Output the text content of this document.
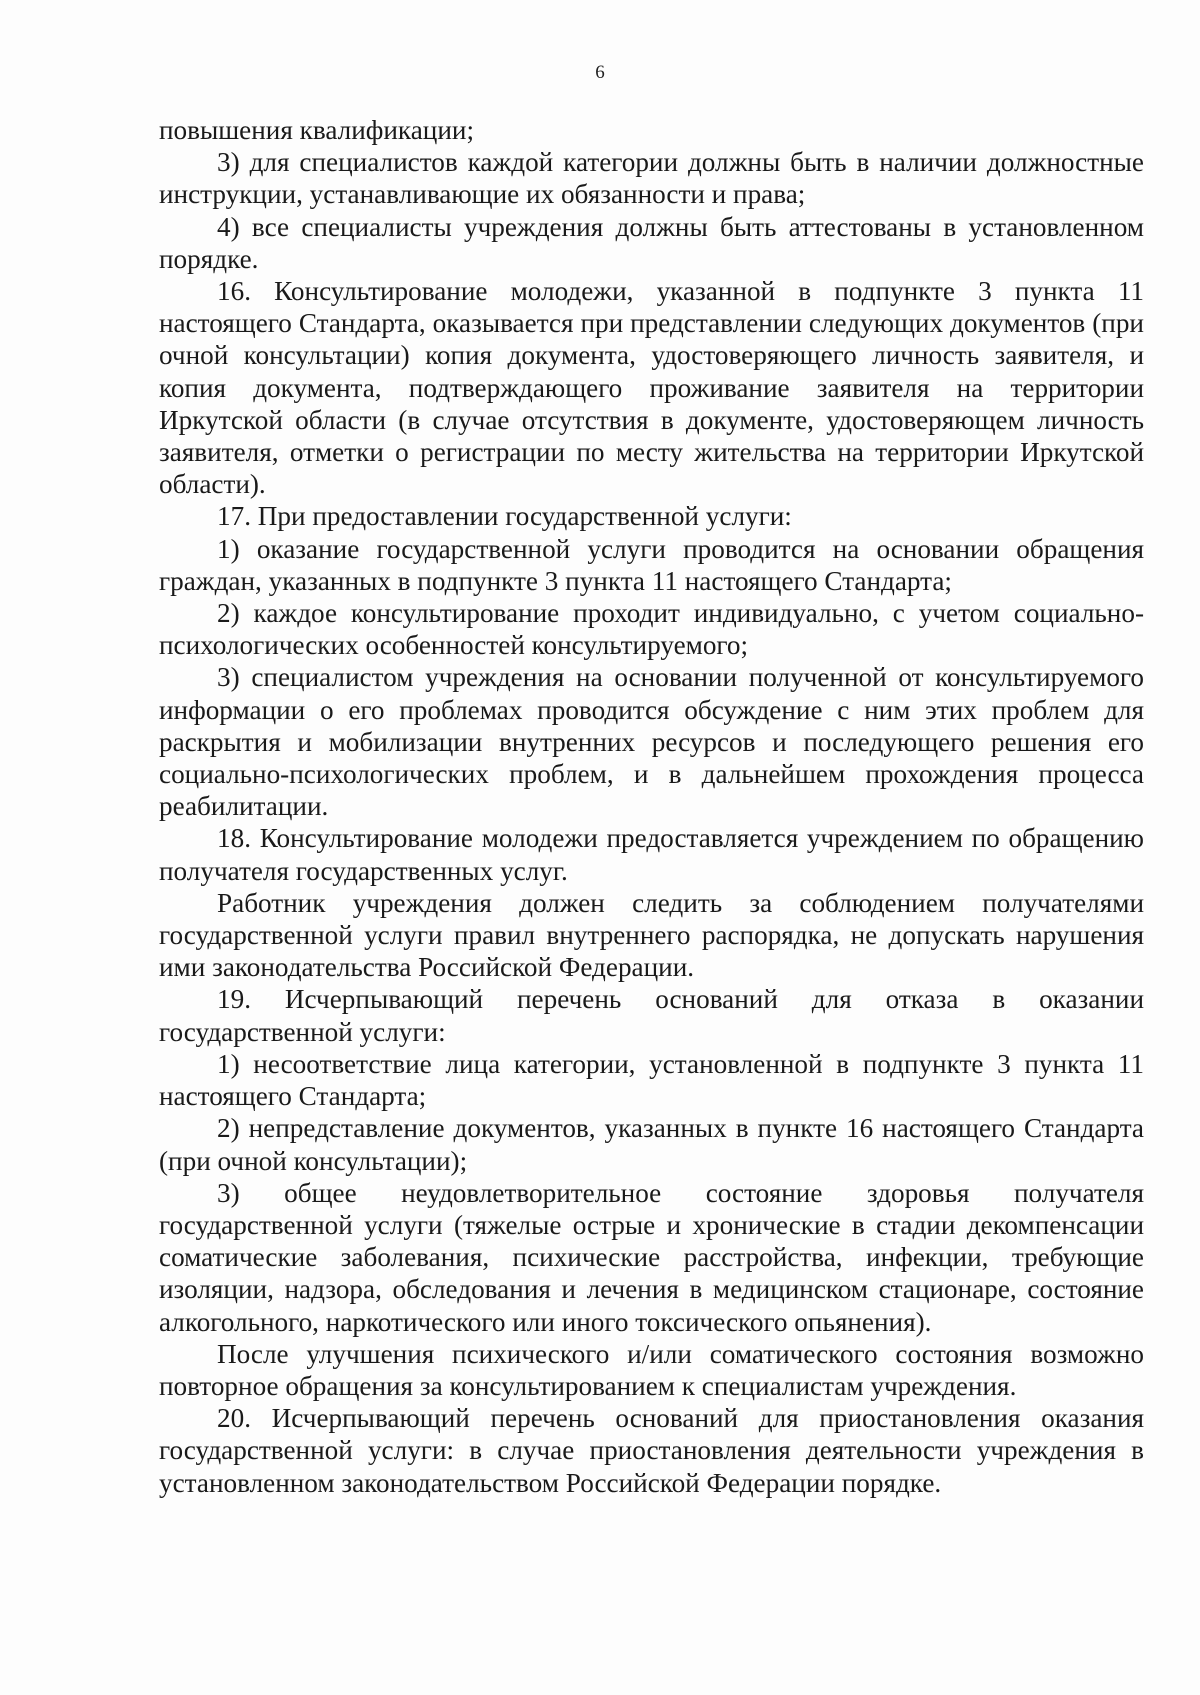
6

повышения квалификации;

3) для специалистов каждой категории должны быть в наличии должностные инструкции, устанавливающие их обязанности и права;

4) все специалисты учреждения должны быть аттестованы в установленном порядке.

16. Консультирование молодежи, указанной в подпункте 3 пункта 11 настоящего Стандарта, оказывается при представлении следующих документов (при очной консультации) копия документа, удостоверяющего личность заявителя, и копия документа, подтверждающего проживание заявителя на территории Иркутской области (в случае отсутствия в документе, удостоверяющем личность заявителя, отметки о регистрации по месту жительства на территории Иркутской области).

17. При предоставлении государственной услуги:

1) оказание государственной услуги проводится на основании обращения граждан, указанных в подпункте 3 пункта 11 настоящего Стандарта;

2) каждое консультирование проходит индивидуально, с учетом социально-психологических особенностей консультируемого;

3) специалистом учреждения на основании полученной от консультируемого информации о его проблемах проводится обсуждение с ним этих проблем для раскрытия и мобилизации внутренних ресурсов и последующего решения его социально-психологических проблем, и в дальнейшем прохождения процесса реабилитации.

18. Консультирование молодежи предоставляется учреждением по обращению получателя государственных услуг.

Работник учреждения должен следить за соблюдением получателями государственной услуги правил внутреннего распорядка, не допускать нарушения ими законодательства Российской Федерации.

19. Исчерпывающий перечень оснований для отказа в оказании государственной услуги:

1) несоответствие лица категории, установленной в подпункте 3 пункта 11 настоящего Стандарта;

2) непредставление документов, указанных в пункте 16 настоящего Стандарта (при очной консультации);

3) общее неудовлетворительное состояние здоровья получателя государственной услуги (тяжелые острые и хронические в стадии декомпенсации соматические заболевания, психические расстройства, инфекции, требующие изоляции, надзора, обследования и лечения в медицинском стационаре, состояние алкогольного, наркотического или иного токсического опьянения).

После улучшения психического и/или соматического состояния возможно повторное обращения за консультированием к специалистам учреждения.

20. Исчерпывающий перечень оснований для приостановления оказания государственной услуги: в случае приостановления деятельности учреждения в установленном законодательством Российской Федерации порядке.
